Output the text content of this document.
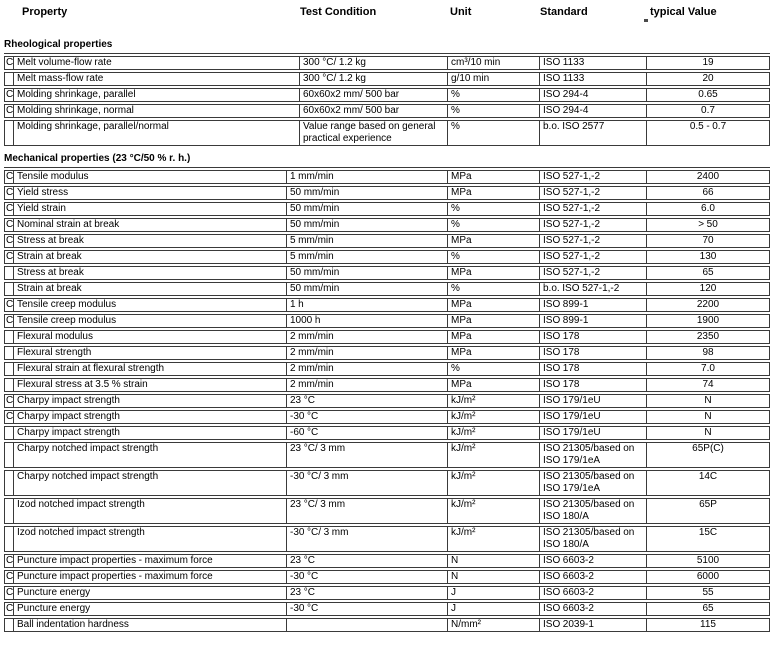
Property	Test Condition	Unit	Standard	typical Value
Rheological properties
C	Melt volume-flow rate	300 °C/ 1.2 kg	cm³/10 min	ISO 1133	19
	Melt mass-flow rate	300 °C/ 1.2 kg	g/10 min	ISO 1133	20
C	Molding shrinkage, parallel	60x60x2 mm/ 500 bar	%	ISO 294-4	0.65
C	Molding shrinkage, normal	60x60x2 mm/ 500 bar	%	ISO 294-4	0.7
	Molding shrinkage, parallel/normal	Value range based on general practical experience	%	b.o. ISO 2577	0.5 - 0.7
Mechanical properties (23 °C/50 % r. h.)
C	Tensile modulus	1 mm/min	MPa	ISO 527-1,-2	2400
C	Yield stress	50 mm/min	MPa	ISO 527-1,-2	66
C	Yield strain	50 mm/min	%	ISO 527-1,-2	6.0
C	Nominal strain at break	50 mm/min	%	ISO 527-1,-2	> 50
C	Stress at break	5 mm/min	MPa	ISO 527-1,-2	70
C	Strain at break	5 mm/min	%	ISO 527-1,-2	130
	Stress at break	50 mm/min	MPa	ISO 527-1,-2	65
	Strain at break	50 mm/min	%	b.o. ISO 527-1,-2	120
C	Tensile creep modulus	1 h	MPa	ISO 899-1	2200
C	Tensile creep modulus	1000 h	MPa	ISO 899-1	1900
	Flexural modulus	2 mm/min	MPa	ISO 178	2350
	Flexural strength	2 mm/min	MPa	ISO 178	98
	Flexural strain at flexural strength	2 mm/min	%	ISO 178	7.0
	Flexural stress at 3.5 % strain	2 mm/min	MPa	ISO 178	74
C	Charpy impact strength	23 °C	kJ/m²	ISO 179/1eU	N
C	Charpy impact strength	-30 °C	kJ/m²	ISO 179/1eU	N
	Charpy impact strength	-60 °C	kJ/m²	ISO 179/1eU	N
	Charpy notched impact strength	23 °C/ 3 mm	kJ/m²	ISO 21305/based on ISO 179/1eA	65P(C)
	Charpy notched impact strength	-30 °C/ 3 mm	kJ/m²	ISO 21305/based on ISO 179/1eA	14C
	Izod notched impact strength	23 °C/ 3 mm	kJ/m²	ISO 21305/based on ISO 180/A	65P
	Izod notched impact strength	-30 °C/ 3 mm	kJ/m²	ISO 21305/based on ISO 180/A	15C
C	Puncture impact properties - maximum force	23 °C	N	ISO 6603-2	5100
C	Puncture impact properties - maximum force	-30 °C	N	ISO 6603-2	6000
C	Puncture energy	23 °C	J	ISO 6603-2	55
C	Puncture energy	-30 °C	J	ISO 6603-2	65
	Ball indentation hardness		N/mm²	ISO 2039-1	115
